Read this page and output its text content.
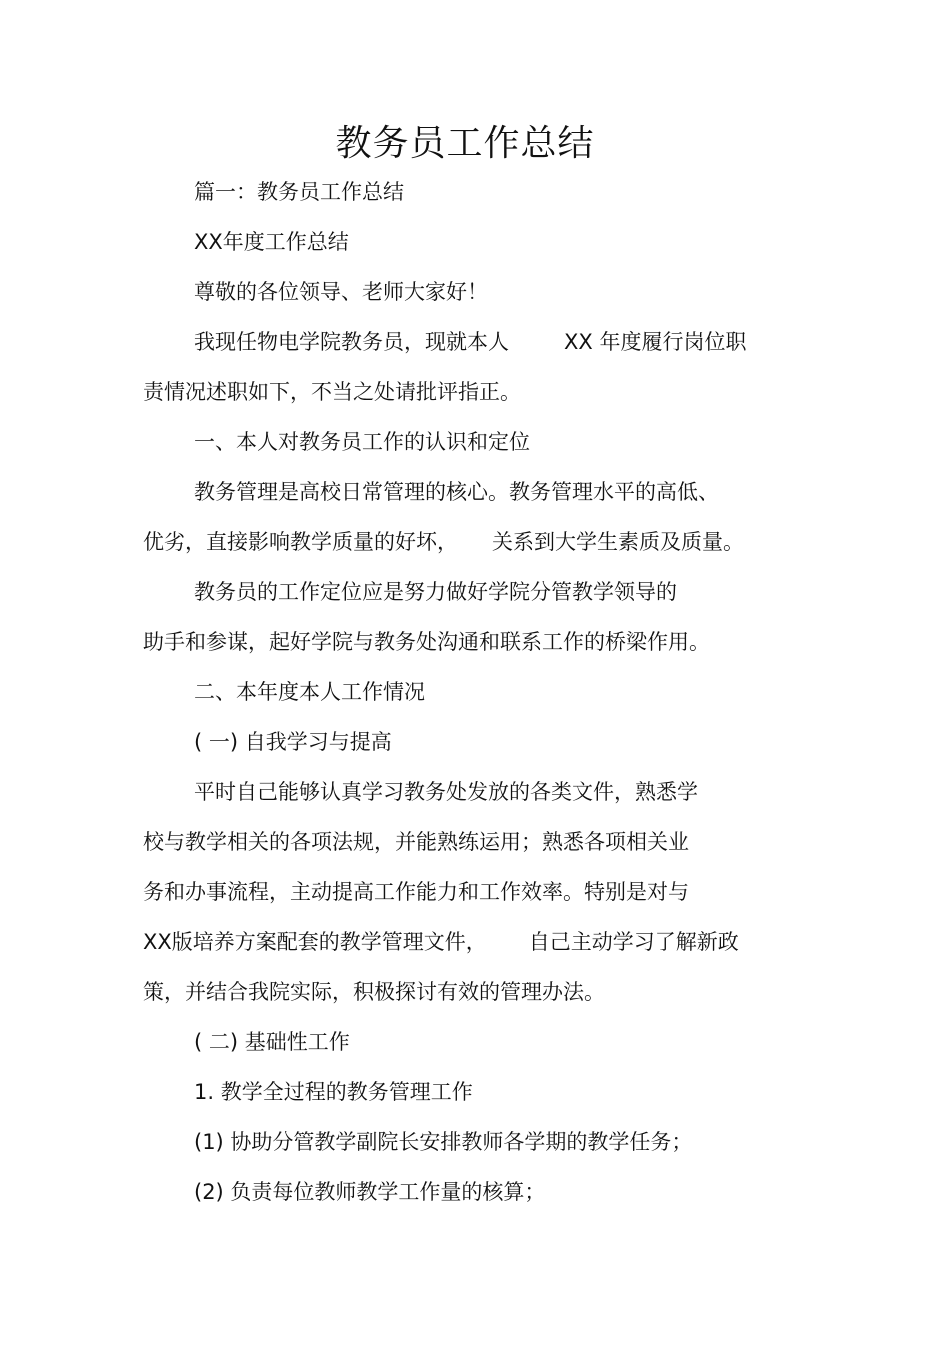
教务员工作总结
篇一：教务员工作总结
XX年度工作总结
尊敬的各位领导、老师大家好！
我现任物电学院教务员，现就本人	XX 年度履行岗位职
责情况述职如下，不当之处请批评指正。
一、本人对教务员工作的认识和定位
教务管理是高校日常管理的核心。教务管理水平的高低、
优劣，直接影响教学质量的好坏， 关系到大学生素质及质量。
教务员的工作定位应是努力做好学院分管教学领导的
助手和参谋，起好学院与教务处沟通和联系工作的桥梁作用。
二、本年度本人工作情况
( 一) 自我学习与提高
平时自己能够认真学习教务处发放的各类文件，熟悉学
校与教学相关的各项法规，并能熟练运用；熟悉各项相关业
务和办事流程，主动提高工作能力和工作效率。特别是对与
XX版培养方案配套的教学管理文件， 自己主动学习了解新政
策，并结合我院实际，积极探讨有效的管理办法。
( 二) 基础性工作
1. 教学全过程的教务管理工作
(1) 协助分管教学副院长安排教师各学期的教学任务；
(2) 负责每位教师教学工作量的核算；
